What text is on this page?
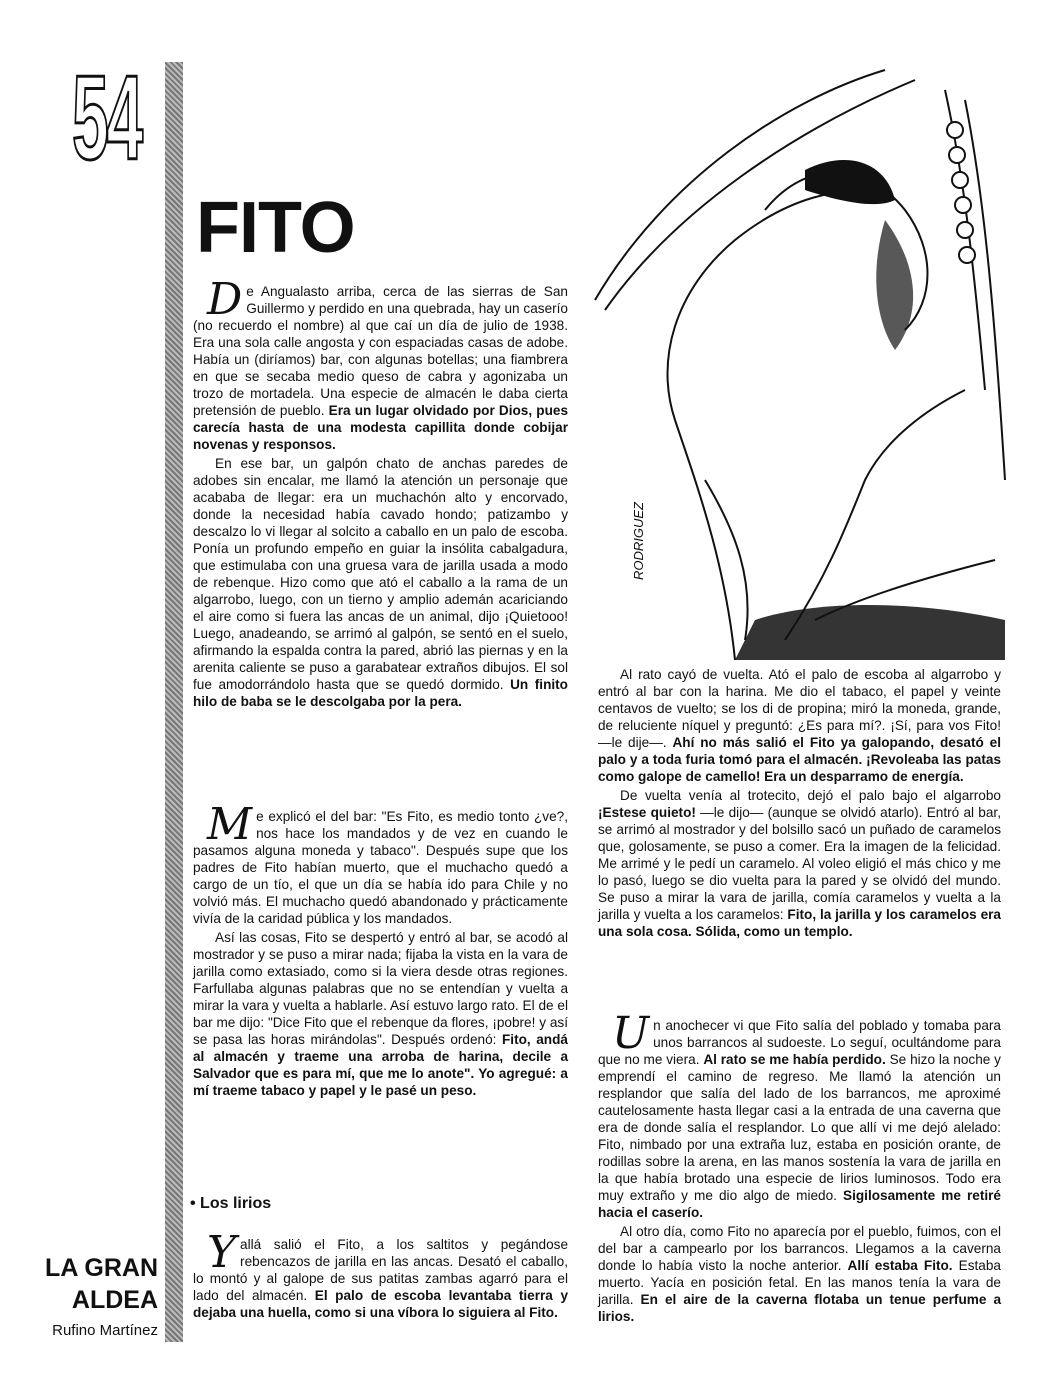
54
FITO
RODRIGUEZ

De Angualasto arriba, cerca de las sierras de San Guillermo y perdido en una quebrada, hay un caserío (no recuerdo el nombre) al que caí un día de julio de 1938. Era una sola calle angosta y con espaciadas casas de adobe. Había un (diríamos) bar, con algunas botellas; una fiambrera en que se secaba medio queso de cabra y agonizaba un trozo de mortadela. Una especie de almacén le daba cierta pretensión de pueblo. Era un lugar olvidado por Dios, pues carecía hasta de una modesta capillita donde cobijar novenas y responsos.

En ese bar, un galpón chato de anchas paredes de adobes sin encalar, me llamó la atención un personaje que acababa de llegar: era un muchachón alto y encorvado, donde la necesidad había cavado hondo; patizambo y descalzo lo vi llegar al solcito a caballo en un palo de escoba. Ponía un profundo empeño en guiar la insólita cabalgadura, que estimulaba con una gruesa vara de jarilla usada a modo de rebenque. Hizo como que ató el caballo a la rama de un algarrobo, luego, con un tierno y amplio ademán acariciando el aire como si fuera las ancas de un animal, dijo ¡Quietooo! Luego, anadeando, se arrimó al galpón, se sentó en el suelo, afirmando la espalda contra la pared, abrió las piernas y en la arenita caliente se puso a garabatear extraños dibujos. El sol fue amodorrándolo hasta que se quedó dormido. Un finito hilo de baba se le descolgaba por la pera.

Me explicó el del bar: "Es Fito, es medio tonto ¿ve?, nos hace los mandados y de vez en cuando le pasamos alguna moneda y tabaco". Después supe que los padres de Fito habían muerto, que el muchacho quedó a cargo de un tío, el que un día se había ido para Chile y no volvió más. El muchacho quedó abandonado y prácticamente vivía de la caridad pública y los mandados.

Así las cosas, Fito se despertó y entró al bar, se acodó al mostrador y se puso a mirar nada; fijaba la vista en la vara de jarilla como extasiado, como si la viera desde otras regiones. Farfullaba algunas palabras que no se entendían y vuelta a mirar la vara y vuelta a hablarle. Así estuvo largo rato. El de el bar me dijo: "Dice Fito que el rebenque da flores, ¡pobre! y así se pasa las horas mirándolas". Después ordenó: Fito, andá al almacén y traeme una arroba de harina, decile a Salvador que es para mí, que me lo anote". Yo agregué: a mí traeme tabaco y papel y le pasé un peso.

• Los lirios

Y allá salió el Fito, a los saltitos y pegándose rebencazos de jarilla en las ancas. Desató el caballo, lo montó y al galope de sus patitas zambas agarró para el lado del almacén. El palo de escoba levantaba tierra y dejaba una huella, como si una víbora lo siguiera al Fito.

Al rato cayó de vuelta. Ató el palo de escoba al algarrobo y entró al bar con la harina. Me dio el tabaco, el papel y veinte centavos de vuelto; se los di de propina; miró la moneda, grande, de reluciente níquel y preguntó: ¿Es para mí?. ¡Sí, para vos Fito! —le dije—. Ahí no más salió el Fito ya galopando, desató el palo y a toda furia tomó para el almacén. ¡Revoleaba las patas como galope de camello! Era un desparramo de energía.

De vuelta venía al trotecito, dejó el palo bajo el algarrobo ¡Estese quieto! —le dijo— (aunque se olvidó atarlo). Entró al bar, se arrimó al mostrador y del bolsillo sacó un puñado de caramelos que, golosamente, se puso a comer. Era la imagen de la felicidad. Me arrimé y le pedí un caramelo. Al voleo eligió el más chico y me lo pasó, luego se dio vuelta para la pared y se olvidó del mundo. Se puso a mirar la vara de jarilla, comía caramelos y vuelta a la jarilla y vuelta a los caramelos: Fito, la jarilla y los caramelos era una sola cosa. Sólida, como un templo.

Un anochecer vi que Fito salía del poblado y tomaba para unos barrancos al sudoeste. Lo seguí, ocultándome para que no me viera. Al rato se me había perdido. Se hizo la noche y emprendí el camino de regreso. Me llamó la atención un resplandor que salía del lado de los barrancos, me aproximé cautelosamente hasta llegar casi a la entrada de una caverna que era de donde salía el resplandor. Lo que allí vi me dejó alelado: Fito, nimbado por una extraña luz, estaba en posición orante, de rodillas sobre la arena, en las manos sostenía la vara de jarilla en la que había brotado una especie de lirios luminosos. Todo era muy extraño y me dio algo de miedo. Sigilosamente me retiré hacia el caserío.

Al otro día, como Fito no aparecía por el pueblo, fuimos, con el del bar a campearlo por los barrancos. Llegamos a la caverna donde lo había visto la noche anterior. Allí estaba Fito. Estaba muerto. Yacía en posición fetal. En las manos tenía la vara de jarilla. En el aire de la caverna flotaba un tenue perfume a lirios.

LA GRAN
ALDEA
Rufino Martínez
